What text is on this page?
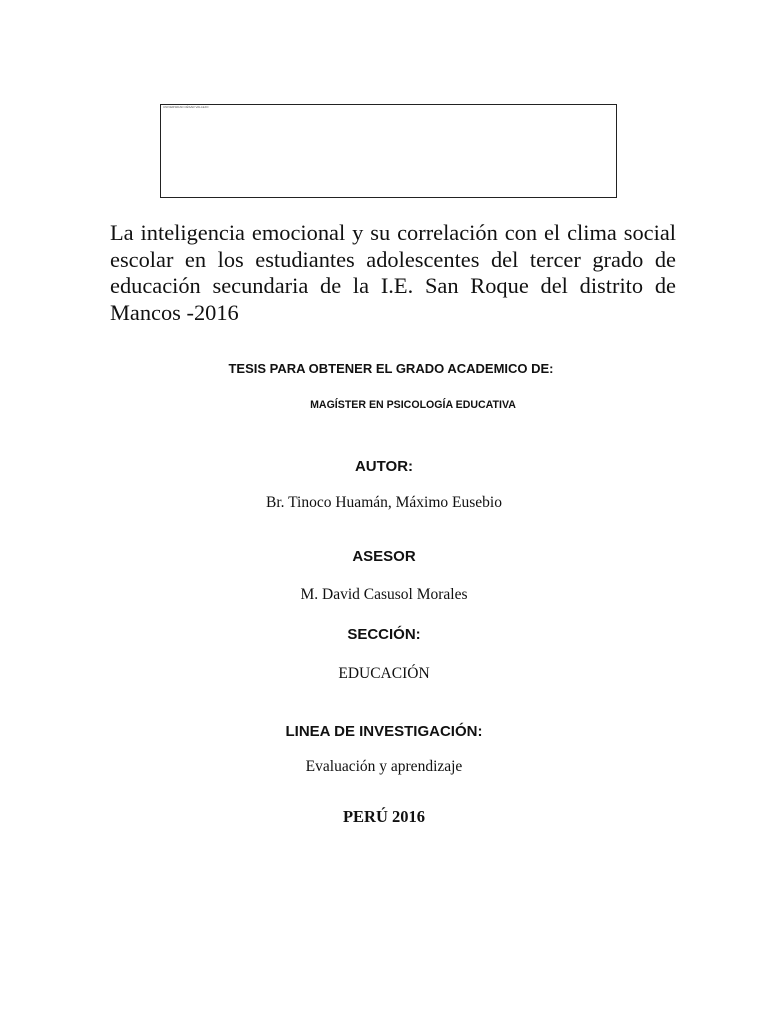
UNIVERSIDAD CÉSAR VALLEJO
La inteligencia emocional y su correlación con el clima social escolar en los estudiantes adolescentes del tercer grado de educación secundaria de la I.E. San Roque del distrito de Mancos -2016
TESIS PARA OBTENER EL GRADO ACADEMICO DE:
MAGÍSTER EN PSICOLOGÍA EDUCATIVA
AUTOR:
Br. Tinoco Huamán, Máximo Eusebio
ASESOR
M. David Casusol Morales
SECCIÓN:
EDUCACIÓN
LINEA DE INVESTIGACIÓN:
Evaluación y aprendizaje
PERÚ 2016
